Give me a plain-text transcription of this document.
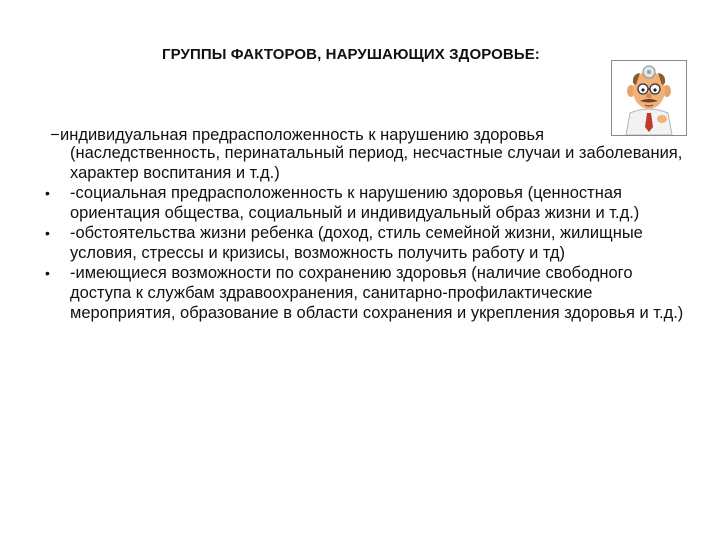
ГРУППЫ ФАКТОРОВ, НАРУШАЮЩИХ ЗДОРОВЬЕ:
−индивидуальная предрасположенность к нарушению здоровья

(наследственность, перинатальный период, несчастные случаи и заболевания, характер воспитания и т.д.)

• -социальная предрасположенность к нарушению здоровья (ценностная ориентация общества, социальный и индивидуальный образ жизни и т.д.)
• -обстоятельства жизни ребенка (доход, стиль семейной жизни, жилищные условия, стрессы и кризисы, возможность получить работу и тд)
• -имеющиеся возможности по сохранению здоровья (наличие свободного доступа к службам здравоохранения, санитарно-профилактические мероприятия, образование в области сохранения и укрепления здоровья и т.д.)
